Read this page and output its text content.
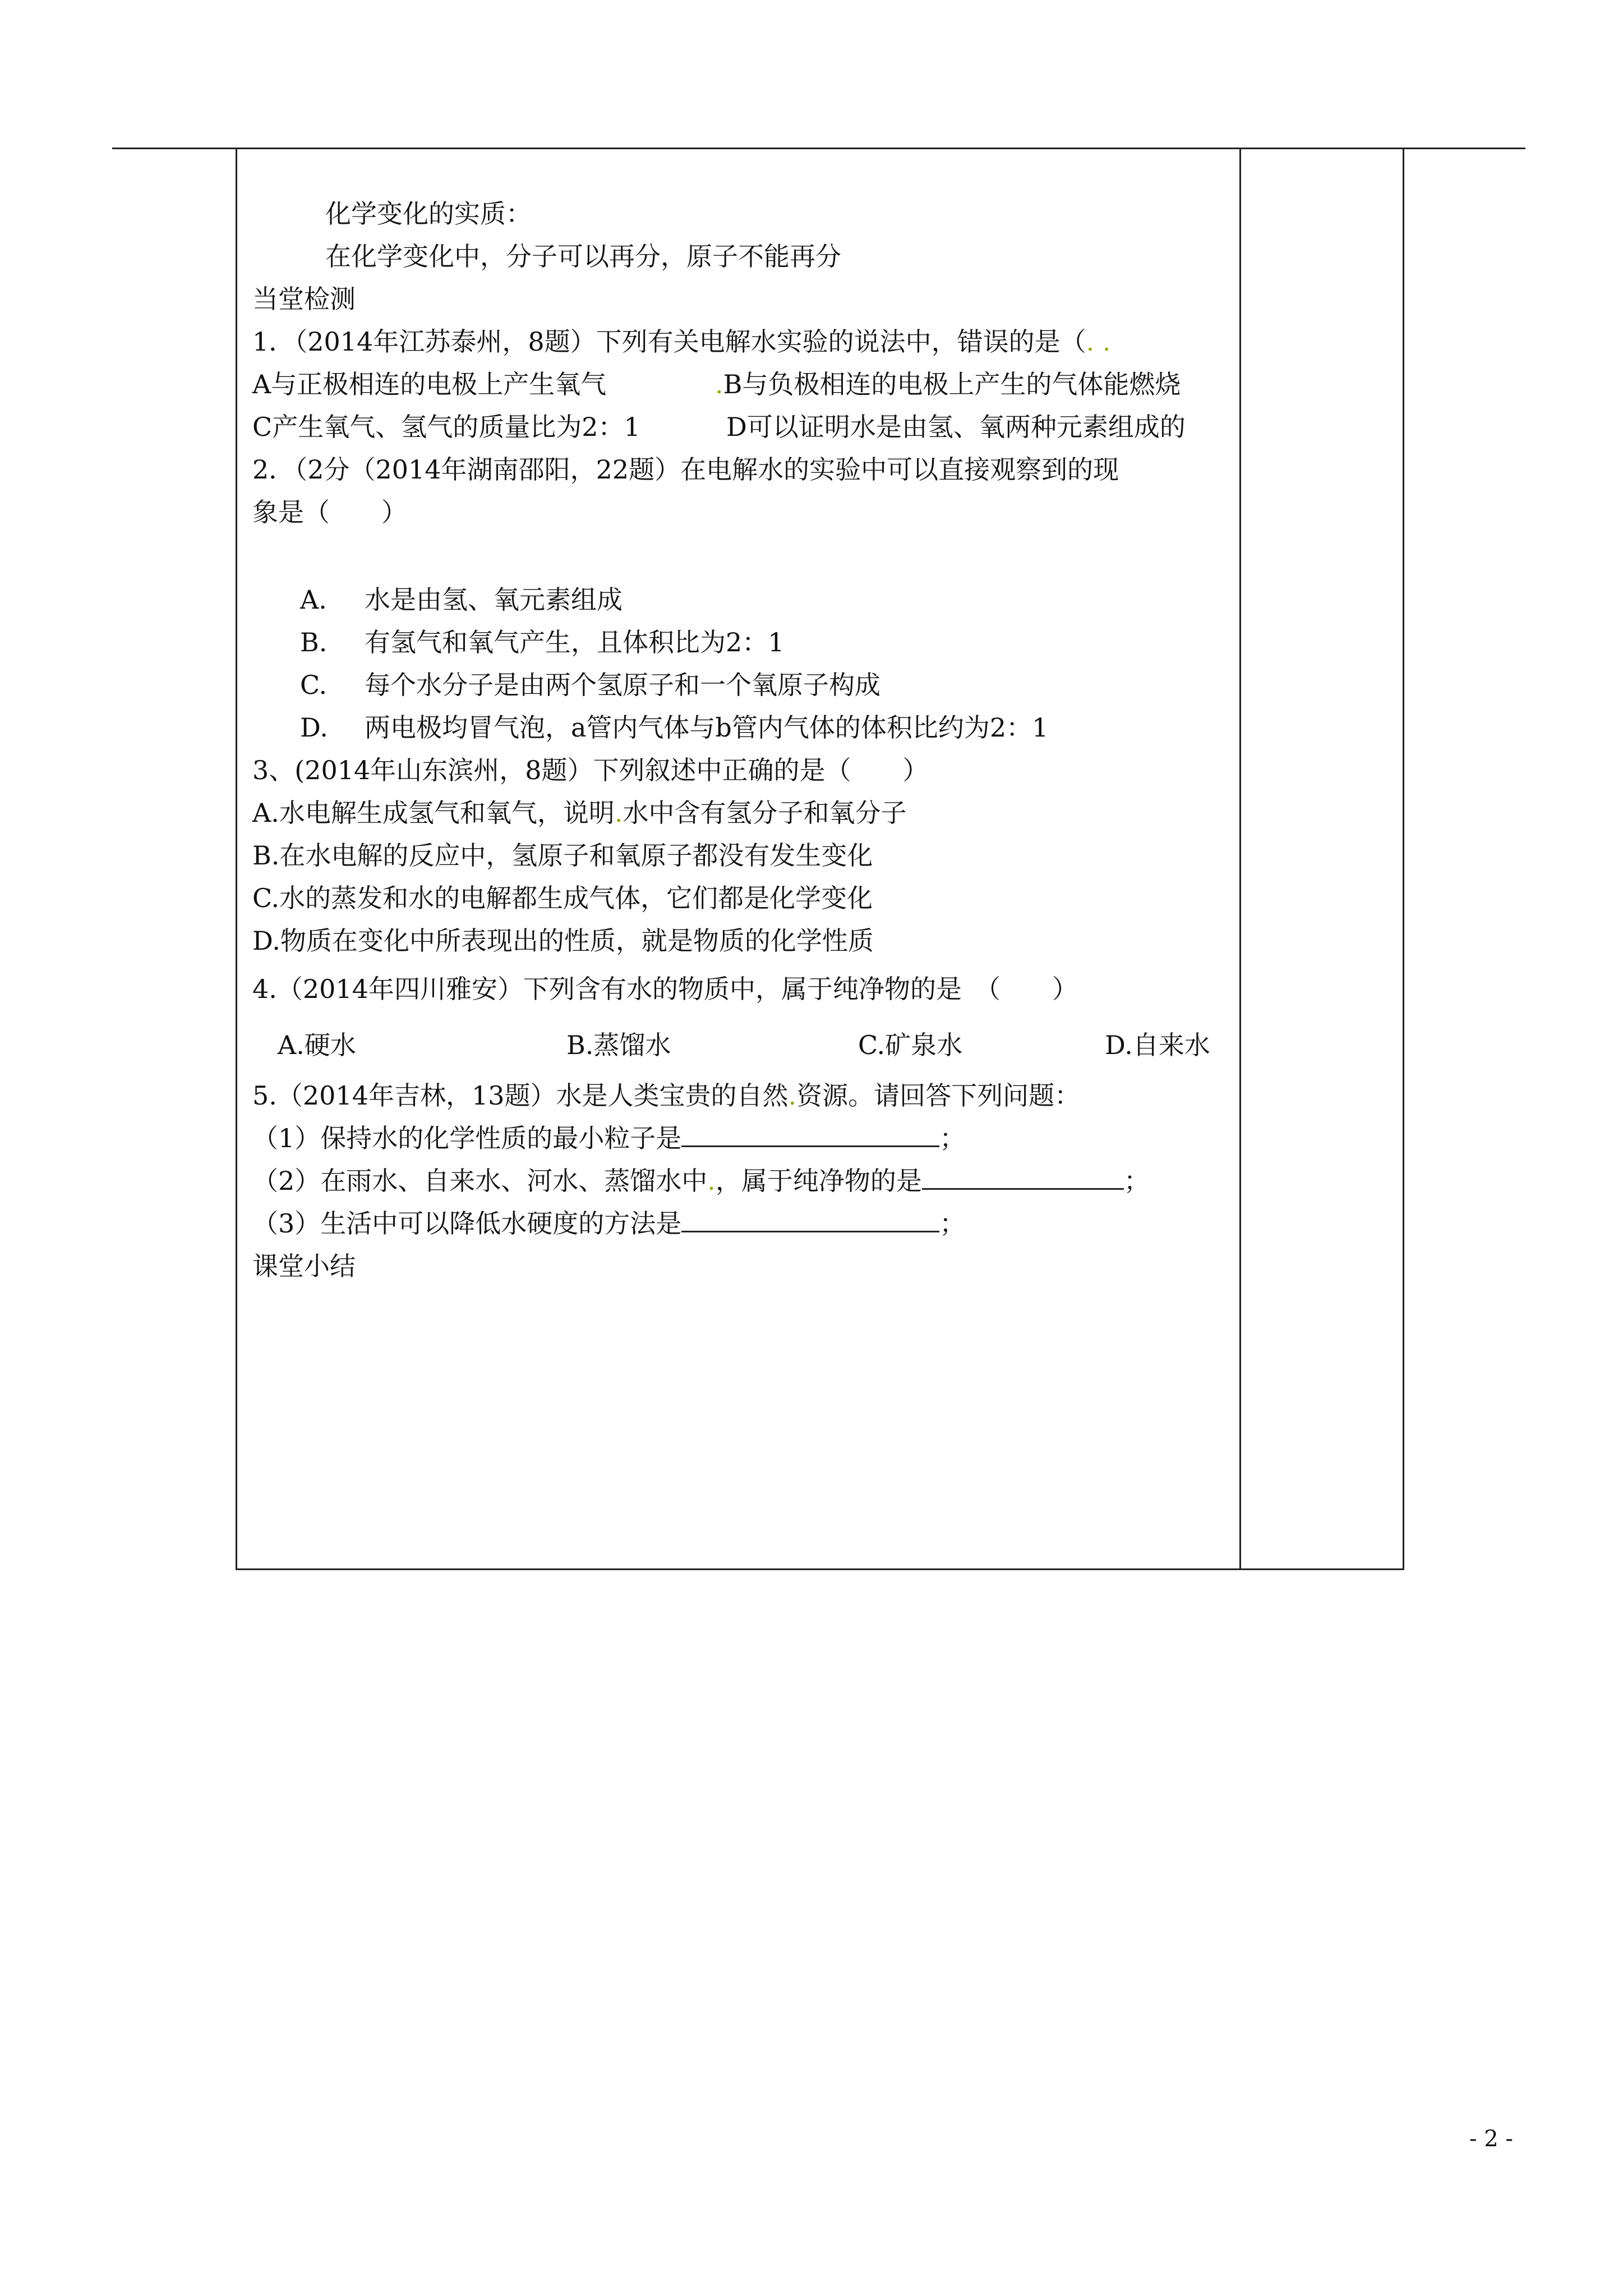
化学变化的实质：
在化学变化中，分子可以再分，原子不能再分
当堂检测
1．（2014年江苏泰州，8题）下列有关电解水实验的说法中，错误的是（. .
A与正极相连的电极上产生氧气	.B与负极相连的电极上产生的气体能燃烧
C产生氧气、氢气的质量比为2：1	D可以证明水是由氢、氧两种元素组成的
2．（2分（2014年湖南邵阳，22题）在电解水的实验中可以直接观察到的现
象是（　　）
A. 水是由氢、氧元素组成
B. 有氢气和氧气产生，且体积比为2：1
C. 每个水分子是由两个氢原子和一个氧原子构成
D. 两电极均冒气泡，a管内气体与b管内气体的体积比约为2：1
3、(2014年山东滨州，8题）下列叙述中正确的是（　　）
A.水电解生成氢气和氧气，说明.水中含有氢分子和氧分子
B.在水电解的反应中，氢原子和氧原子都没有发生变化
C.水的蒸发和水的电解都生成气体，它们都是化学变化
D.物质在变化中所表现出的性质，就是物质的化学性质
4.（2014年四川雅安）下列含有水的物质中，属于纯净物的是　（　　）
A.硬水	B.蒸馏水	C.矿泉水	D.自来水
5.（2014年吉林，13题）水是人类宝贵的自然.资源。请回答下列问题：
（1）保持水的化学性质的最小粒子是	；
（2）在雨水、自来水、河水、蒸馏水中.，属于纯净物的是	；
（3）生活中可以降低水硬度的方法是	；
课堂小结
- 2 -
